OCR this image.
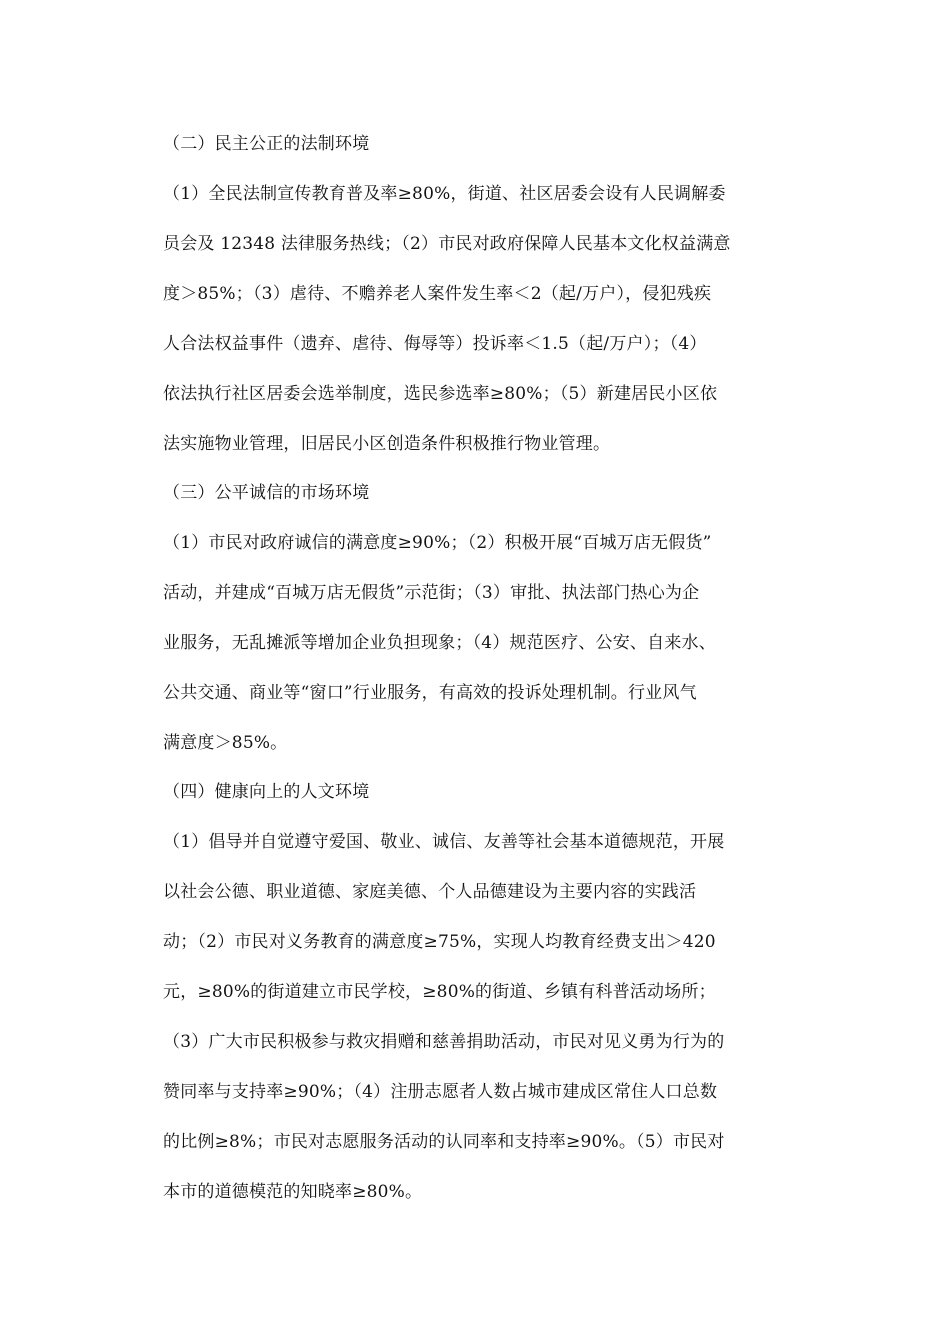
（二）民主公正的法制环境
（1）全民法制宣传教育普及率≥80%，街道、社区居委会设有人民调解委
员会及 12348 法律服务热线；（2）市民对政府保障人民基本文化权益满意
度＞85%；（3）虐待、不赡养老人案件发生率＜2（起/万户），侵犯残疾
人合法权益事件（遗弃、虐待、侮辱等）投诉率＜1.5（起/万户）；（4）
依法执行社区居委会选举制度，选民参选率≥80%；（5）新建居民小区依
法实施物业管理，旧居民小区创造条件积极推行物业管理。
（三）公平诚信的市场环境
（1）市民对政府诚信的满意度≥90%；（2）积极开展“百城万店无假货”
活动，并建成“百城万店无假货”示范街；（3）审批、执法部门热心为企
业服务，无乱摊派等增加企业负担现象；（4）规范医疗、公安、自来水、
公共交通、商业等“窗口”行业服务，有高效的投诉处理机制。行业风气
满意度＞85%。
（四）健康向上的人文环境
（1）倡导并自觉遵守爱国、敬业、诚信、友善等社会基本道德规范，开展
以社会公德、职业道德、家庭美德、个人品德建设为主要内容的实践活
动；（2）市民对义务教育的满意度≥75%，实现人均教育经费支出＞420
元，≥80%的街道建立市民学校，≥80%的街道、乡镇有科普活动场所；
（3）广大市民积极参与救灾捐赠和慈善捐助活动，市民对见义勇为行为的
赞同率与支持率≥90%；（4）注册志愿者人数占城市建成区常住人口总数
的比例≥8%；市民对志愿服务活动的认同率和支持率≥90%。（5）市民对
本市的道德模范的知晓率≥80%。
